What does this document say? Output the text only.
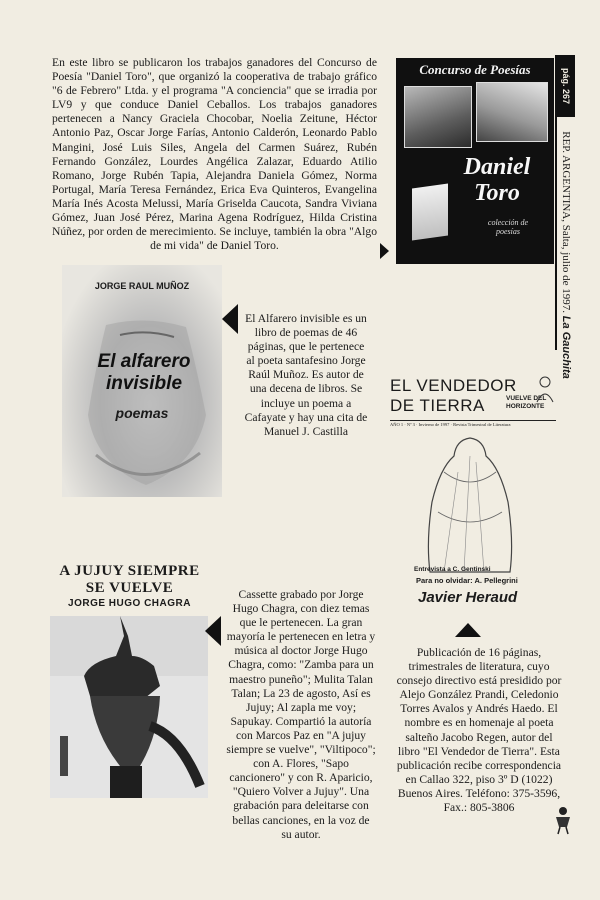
En este libro se publicaron los trabajos ganadores del Concurso de Poesía "Daniel Toro", que organizó la cooperativa de trabajo gráfico "6 de Febrero" Ltda. y el programa "A conciencia" que se irradia por LV9 y que conduce Daniel Ceballos. Los trabajos ganadores pertenecen a Nancy Graciela Chocobar, Noelia Zeitune, Héctor Antonio Paz, Oscar Jorge Farías, Antonio Calderón, Leonardo Pablo Mangini, José Luis Siles, Angela del Carmen Suárez, Rubén Fernando González, Lourdes Angélica Zalazar, Eduardo Atilio Romano, Jorge Rubén Tapia, Alejandra Daniela Gómez, Norma Portugal, María Teresa Fernández, Erica Eva Quinteros, Evangelina María Inés Acosta Melussi, María Griselda Caucota, Sandra Viviana Gómez, Juan José Pérez, Marina Agena Rodríguez, Hilda Cristina Núñez, por orden de merecimiento. Se incluye, también la obra "Algo de mi vida" de Daniel Toro.
Concurso de Poesías
Daniel
Toro
colección de poesías
pág. 267
REP. ARGENTINA, Salta, julio de 1997. La Gauchita
JORGE RAUL MUÑOZ
El alfarero
invisible
poemas
El Alfarero invisible es un libro de poemas de 46 páginas, que le pertenece al poeta santafesino Jorge Raúl Muñoz. Es autor de una decena de libros. Se incluye un poema a Cafayate y hay una cita de Manuel J. Castilla
EL VENDEDOR
DE TIERRA	VUELVE DEL HORIZONTE
AÑO 1 · Nº 3 · Invierno de 1997 · Revista Trimestral de Literatura
Entrevista a C. Gentinski
Para no olvidar: A. Pellegrini
Javier Heraud
Publicación de 16 páginas, trimestrales de literatura, cuyo consejo directivo está presidido por Alejo González Prandi, Celedonio Torres Avalos y Andrés Haedo. El nombre es en homenaje al poeta salteño Jacobo Regen, autor del libro "El Vendedor de Tierra". Esta publicación recibe correspondencia en Callao 322, piso 3º D (1022) Buenos Aires. Teléfono: 375-3596, Fax.: 805-3806
A JUJUY SIEMPRE
SE VUELVE
JORGE HUGO CHAGRA
Cassette grabado por Jorge Hugo Chagra, con diez temas que le pertenecen. La gran mayoría le pertenecen en letra y música al doctor Jorge Hugo Chagra, como: "Zamba para un maestro puneño"; Mulita Talan Talan; La 23 de agosto, Así es Jujuy; Al zapla me voy; Sapukay. Compartió la autoría con Marcos Paz en "A jujuy siempre se vuelve", "Viltipoco"; con A. Flores, "Sapo cancionero" y con R. Aparicio, "Quiero Volver a Jujuy". Una grabación para deleitarse con bellas canciones, en la voz de su autor.
